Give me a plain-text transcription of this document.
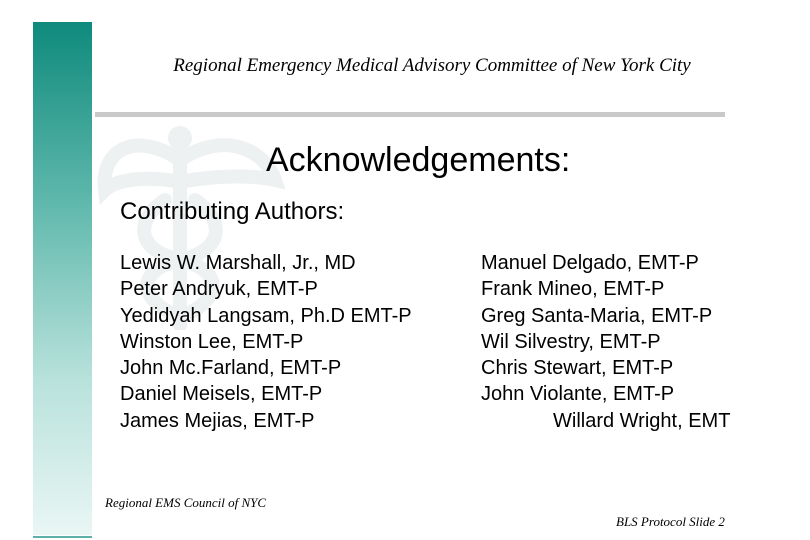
Regional Emergency Medical Advisory Committee of New York City
Acknowledgements:
Contributing Authors:
Lewis W. Marshall, Jr., MD
Peter Andryuk, EMT-P
Yedidyah Langsam, Ph.D EMT-P
Winston Lee, EMT-P
John Mc.Farland, EMT-P
Daniel Meisels, EMT-P
James Mejias, EMT-P
Manuel Delgado, EMT-P
Frank Mineo, EMT-P
Greg Santa-Maria, EMT-P
Wil Silvestry, EMT-P
Chris Stewart, EMT-P
John Violante, EMT-P
Willard Wright, EMT
Regional EMS Council of NYC
BLS Protocol Slide 2
